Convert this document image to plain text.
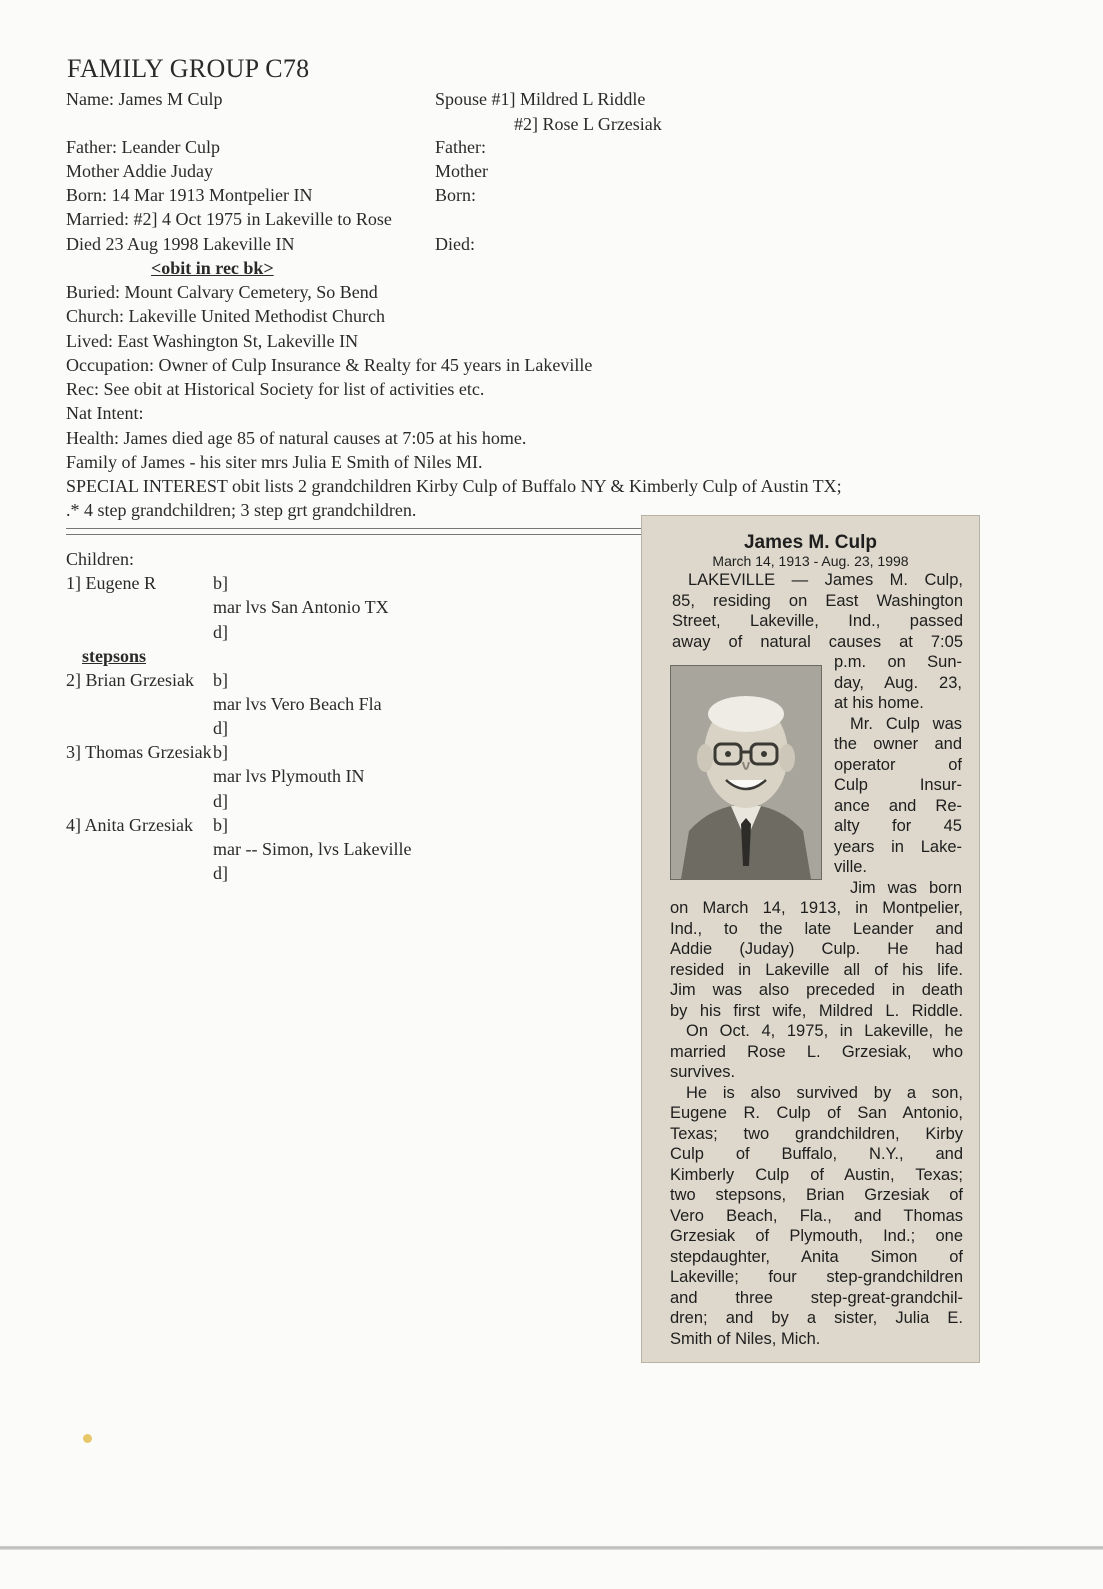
FAMILY GROUP C78
Name: James M Culp	Spouse #1] Mildred L Riddle
#2] Rose L Grzesiak
Father: Leander Culp	Father:
Mother Addie Juday	Mother
Born: 14 Mar 1913 Montpelier IN	Born:
Married: #2] 4 Oct 1975 in Lakeville to Rose
Died 23 Aug 1998 Lakeville IN	Died:
<obit in rec bk>
Buried: Mount Calvary Cemetery, So Bend
Church: Lakeville United Methodist Church
Lived: East Washington St, Lakeville IN
Occupation: Owner of Culp Insurance & Realty for 45 years in Lakeville
Rec: See obit at Historical Society for list of activities etc.
Nat Intent:
Health: James died age 85 of natural causes at 7:05 at his home.
Family of James - his siter mrs Julia E Smith of Niles MI.
SPECIAL INTEREST obit lists 2 grandchildren Kirby Culp of Buffalo NY & Kimberly Culp of Austin TX;
.* 4 step grandchildren; 3 step grt grandchildren.
Children:
1] Eugene R	b]
mar lvs San Antonio TX
d]
stepsons
2] Brian Grzesiak b]
mar lvs Vero Beach Fla
d]
3] Thomas Grzesiak b]
mar lvs Plymouth IN
d]
4] Anita Grzesiak b]
mar -- Simon, lvs Lakeville
d]
James M. Culp
March 14, 1913 - Aug. 23, 1998
LAKEVILLE — James M. Culp,
85, residing on East Washington
Street, Lakeville, Ind., passed
away of natural causes at 7:05
p.m. on Sun-
day, Aug. 23,
at his home.
Mr. Culp was
the owner and
operator of
Culp Insur-
ance and Re-
alty for 45
years in Lake-
ville.
Jim was born
on March 14, 1913, in Montpelier,
Ind., to the late Leander and
Addie (Juday) Culp. He had
resided in Lakeville all of his life.
Jim was also preceded in death
by his first wife, Mildred L. Riddle.
On Oct. 4, 1975, in Lakeville, he
married Rose L. Grzesiak, who
survives.
He is also survived by a son,
Eugene R. Culp of San Antonio,
Texas; two grandchildren, Kirby
Culp of Buffalo, N.Y., and
Kimberly Culp of Austin, Texas;
two stepsons, Brian Grzesiak of
Vero Beach, Fla., and Thomas
Grzesiak of Plymouth, Ind.; one
stepdaughter, Anita Simon of
Lakeville; four step-grandchildren
and three step-great-grandchil-
dren; and by a sister, Julia E.
Smith of Niles, Mich.
